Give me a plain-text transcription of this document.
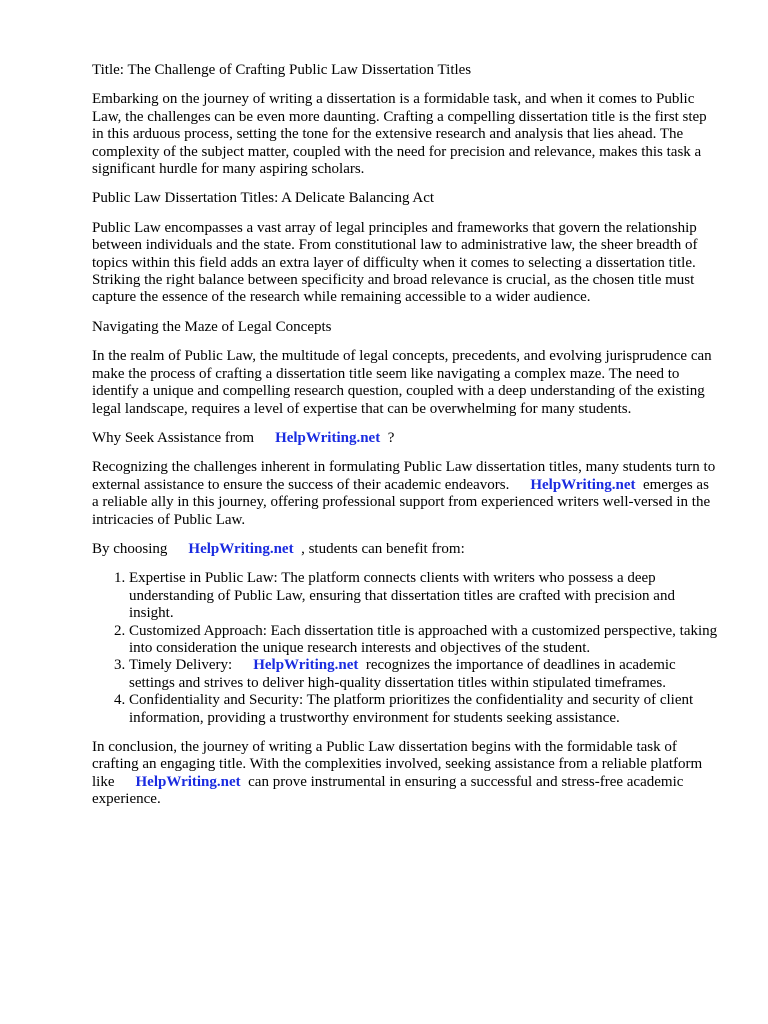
Title: The Challenge of Crafting Public Law Dissertation Titles

Embarking on the journey of writing a dissertation is a formidable task, and when it comes to Public Law, the challenges can be even more daunting. Crafting a compelling dissertation title is the first step in this arduous process, setting the tone for the extensive research and analysis that lies ahead. The complexity of the subject matter, coupled with the need for precision and relevance, makes this task a significant hurdle for many aspiring scholars.

Public Law Dissertation Titles: A Delicate Balancing Act

Public Law encompasses a vast array of legal principles and frameworks that govern the relationship between individuals and the state. From constitutional law to administrative law, the sheer breadth of topics within this field adds an extra layer of difficulty when it comes to selecting a dissertation title. Striking the right balance between specificity and broad relevance is crucial, as the chosen title must capture the essence of the research while remaining accessible to a wider audience.

Navigating the Maze of Legal Concepts

In the realm of Public Law, the multitude of legal concepts, precedents, and evolving jurisprudence can make the process of crafting a dissertation title seem like navigating a complex maze. The need to identify a unique and compelling research question, coupled with a deep understanding of the existing legal landscape, requires a level of expertise that can be overwhelming for many students.

Why Seek Assistance from HelpWriting.net ?

Recognizing the challenges inherent in formulating Public Law dissertation titles, many students turn to external assistance to ensure the success of their academic endeavors. HelpWriting.net emerges as a reliable ally in this journey, offering professional support from experienced writers well-versed in the intricacies of Public Law.

By choosing HelpWriting.net , students can benefit from:

1. Expertise in Public Law: The platform connects clients with writers who possess a deep understanding of Public Law, ensuring that dissertation titles are crafted with precision and insight.
2. Customized Approach: Each dissertation title is approached with a customized perspective, taking into consideration the unique research interests and objectives of the student.
3. Timely Delivery: HelpWriting.net recognizes the importance of deadlines in academic settings and strives to deliver high-quality dissertation titles within stipulated timeframes.
4. Confidentiality and Security: The platform prioritizes the confidentiality and security of client information, providing a trustworthy environment for students seeking assistance.

In conclusion, the journey of writing a Public Law dissertation begins with the formidable task of crafting an engaging title. With the complexities involved, seeking assistance from a reliable platform like HelpWriting.net can prove instrumental in ensuring a successful and stress-free academic experience.
